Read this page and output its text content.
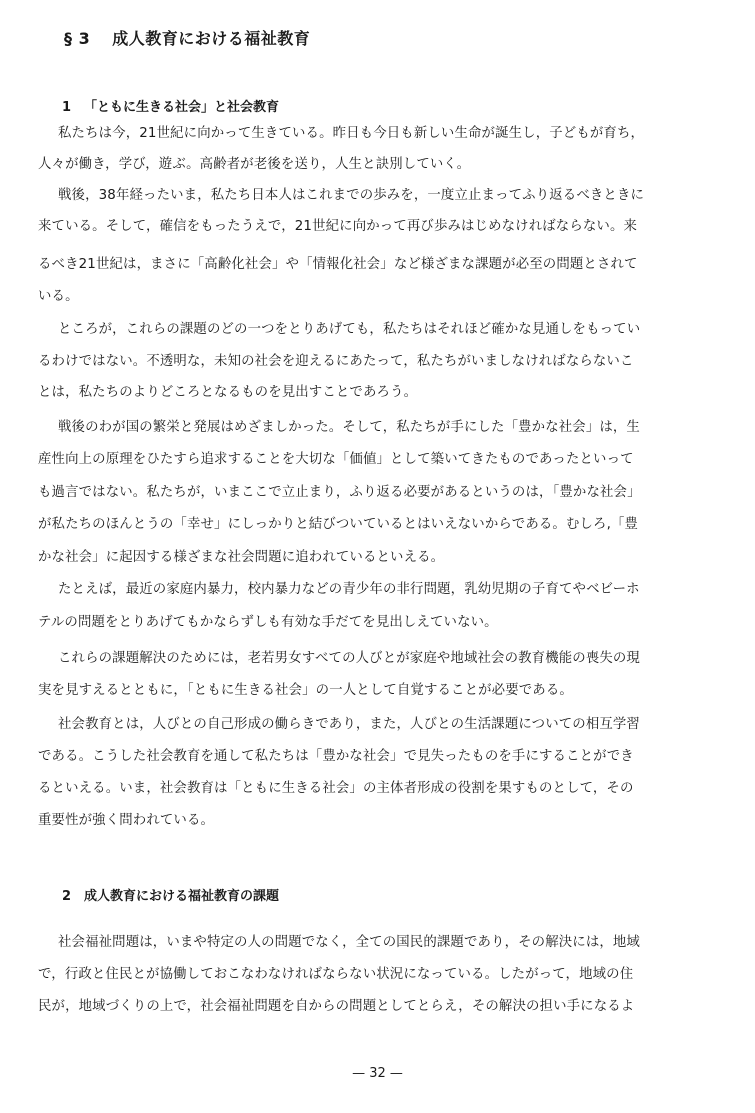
§ 3 成人教育における福祉教育
1 「ともに生きる社会」と社会教育
私たちは今，21世紀に向かって生きている。昨日も今日も新しい生命が誕生し，子どもが育ち，
人々が働き，学び，遊ぶ。高齢者が老後を送り，人生と訣別していく。
戦後，38年経ったいま，私たち日本人はこれまでの歩みを，一度立止まってふり返るべきときに
来ている。そして，確信をもったうえで，21世紀に向かって再び歩みはじめなければならない。来
るべき21世紀は，まさに「高齢化社会」や「情報化社会」など様ざまな課題が必至の問題とされて
いる。
ところが，これらの課題のどの一つをとりあげても，私たちはそれほど確かな見通しをもってい
るわけではない。不透明な，未知の社会を迎えるにあたって，私たちがいましなければならないこ
とは，私たちのよりどころとなるものを見出すことであろう。
戦後のわが国の繁栄と発展はめざましかった。そして，私たちが手にした「豊かな社会」は，生
産性向上の原理をひたすら追求することを大切な「価値」として築いてきたものであったといって
も過言ではない。私たちが，いまここで立止まり，ふり返る必要があるというのは，「豊かな社会」
が私たちのほんとうの「幸せ」にしっかりと結びついているとはいえないからである。むしろ,「豊
かな社会」に起因する様ざまな社会問題に追われているといえる。
たとえば，最近の家庭内暴力，校内暴力などの青少年の非行問題，乳幼児期の子育てやベビーホ
テルの問題をとりあげてもかならずしも有効な手だてを見出しえていない。
これらの課題解決のためには，老若男女すべての人びとが家庭や地域社会の教育機能の喪失の現
実を見すえるとともに，「ともに生きる社会」の一人として自覚することが必要である。
社会教育とは，人びとの自己形成の働らきであり，また，人びとの生活課題についての相互学習
である。こうした社会教育を通して私たちは「豊かな社会」で見失ったものを手にすることができ
るといえる。いま，社会教育は「ともに生きる社会」の主体者形成の役割を果すものとして，その
重要性が強く問われている。
2 成人教育における福祉教育の課題
社会福祉問題は，いまや特定の人の問題でなく，全ての国民的課題であり，その解決には，地域
で，行政と住民とが協働しておこなわなければならない状況になっている。したがって，地域の住
民が，地域づくりの上で，社会福祉問題を自からの問題としてとらえ，その解決の担い手になるよ
— 32 —
